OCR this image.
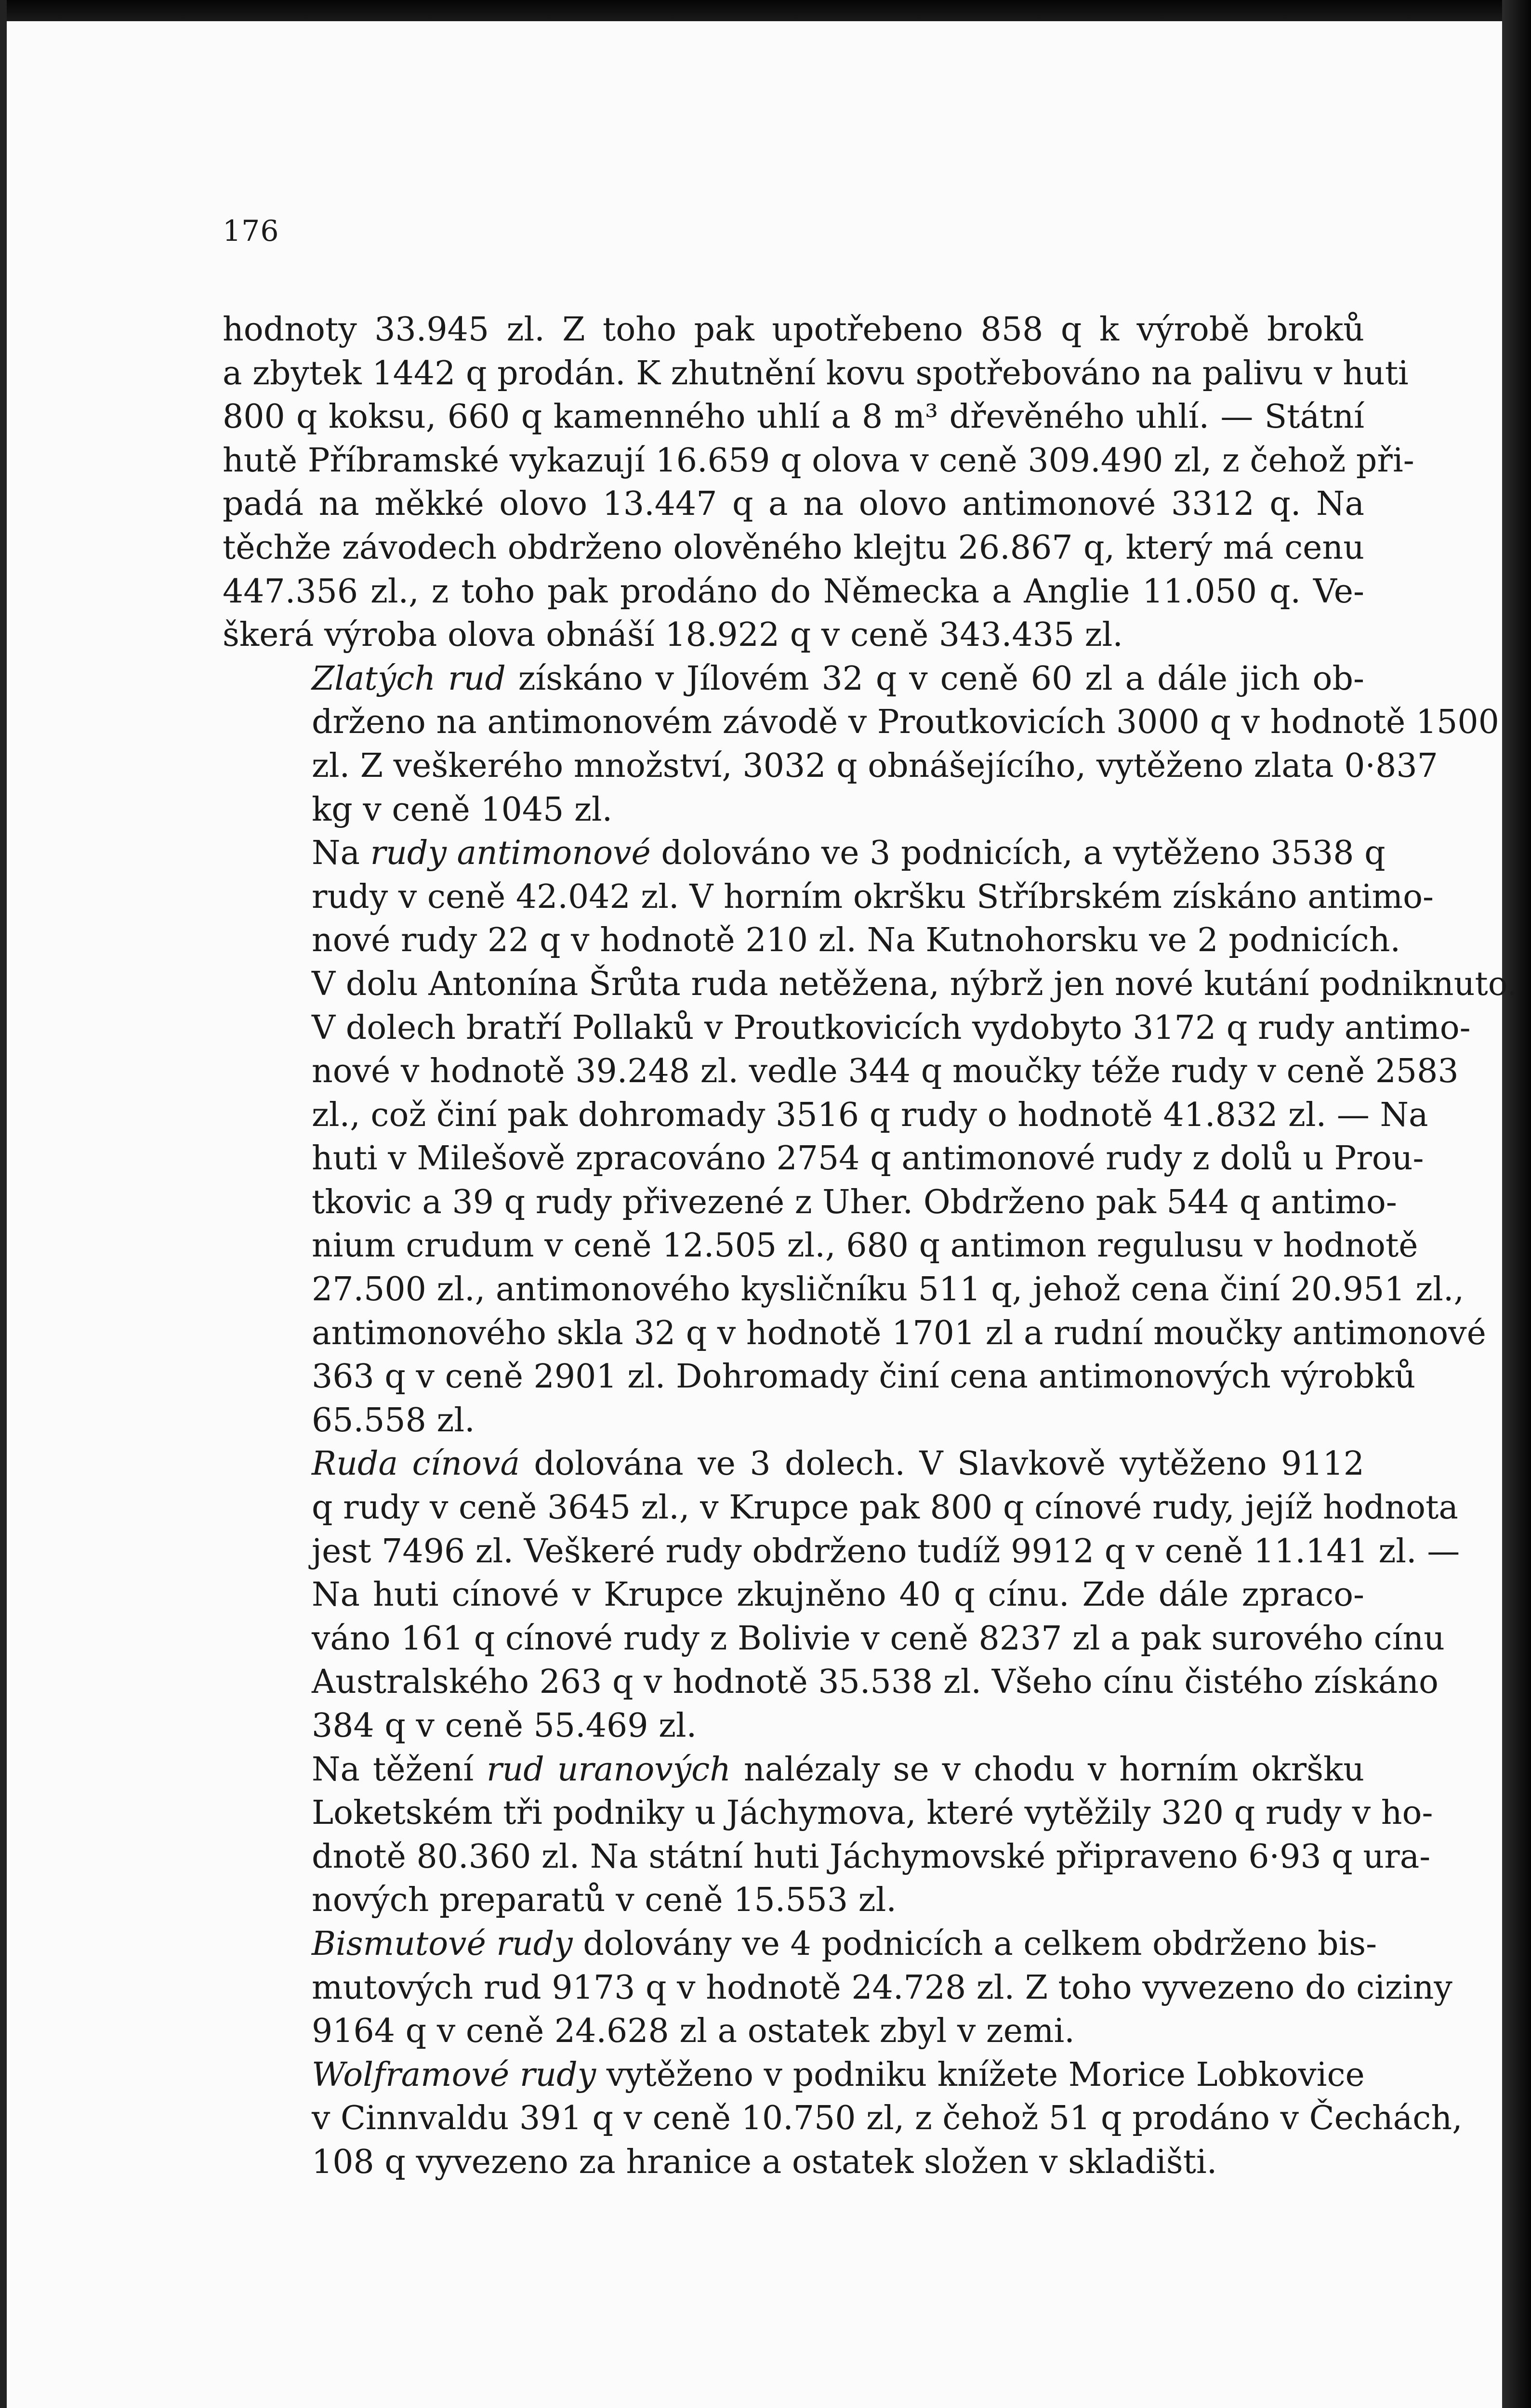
176
hodnoty 33.945 zl. Z toho pak upotřebeno 858 q k výrobě broků
a zbytek 1442 q prodán. K zhutnění kovu spotřebováno na palivu v huti
800 q koksu, 660 q kamenného uhlí a 8 m³ dřevěného uhlí. — Státní
hutě Příbramské vykazují 16.659 q olova v ceně 309.490 zl, z čehož při-
padá na měkké olovo 13.447 q a na olovo antimonové 3312 q. Na
těchže závodech obdrženo olověného klejtu 26.867 q, který má cenu
447.356 zl., z toho pak prodáno do Německa a Anglie 11.050 q. Ve-
škerá výroba olova obnáší 18.922 q v ceně 343.435 zl.
Zlatých rud získáno v Jílovém 32 q v ceně 60 zl a dále jich ob-
drženo na antimonovém závodě v Proutkovicích 3000 q v hodnotě 1500
zl. Z veškerého množství, 3032 q obnášejícího, vytěženo zlata 0·837
kg v ceně 1045 zl.
Na rudy antimonové dolováno ve 3 podnicích, a vytěženo 3538 q
rudy v ceně 42.042 zl. V horním okršku Stříbrském získáno antimo-
nové rudy 22 q v hodnotě 210 zl. Na Kutnohorsku ve 2 podnicích.
V dolu Antonína Šrůta ruda netěžena, nýbrž jen nové kutání podniknuto.
V dolech bratří Pollaků v Proutkovicích vydobyto 3172 q rudy antimo-
nové v hodnotě 39.248 zl. vedle 344 q moučky téže rudy v ceně 2583
zl., což činí pak dohromady 3516 q rudy o hodnotě 41.832 zl. — Na
huti v Milešově zpracováno 2754 q antimonové rudy z dolů u Prou-
tkovic a 39 q rudy přivezené z Uher. Obdrženo pak 544 q antimo-
nium crudum v ceně 12.505 zl., 680 q antimon regulusu v hodnotě
27.500 zl., antimonového kysličníku 511 q, jehož cena činí 20.951 zl.,
antimonového skla 32 q v hodnotě 1701 zl a rudní moučky antimonové
363 q v ceně 2901 zl. Dohromady činí cena antimonových výrobků
65.558 zl.
Ruda cínová dolována ve 3 dolech. V Slavkově vytěženo 9112
q rudy v ceně 3645 zl., v Krupce pak 800 q cínové rudy, jejíž hodnota
jest 7496 zl. Veškeré rudy obdrženo tudíž 9912 q v ceně 11.141 zl. —
Na huti cínové v Krupce zkujněno 40 q cínu. Zde dále zpraco-
váno 161 q cínové rudy z Bolivie v ceně 8237 zl a pak surového cínu
Australského 263 q v hodnotě 35.538 zl. Všeho cínu čistého získáno
384 q v ceně 55.469 zl.
Na těžení rud uranových nalézaly se v chodu v horním okršku
Loketském tři podniky u Jáchymova, které vytěžily 320 q rudy v ho-
dnotě 80.360 zl. Na státní huti Jáchymovské připraveno 6·93 q ura-
nových preparatů v ceně 15.553 zl.
Bismutové rudy dolovány ve 4 podnicích a celkem obdrženo bis-
mutových rud 9173 q v hodnotě 24.728 zl. Z toho vyvezeno do ciziny
9164 q v ceně 24.628 zl a ostatek zbyl v zemi.
Wolframové rudy vytěženo v podniku knížete Morice Lobkovice
v Cinnvaldu 391 q v ceně 10.750 zl, z čehož 51 q prodáno v Čechách,
108 q vyvezeno za hranice a ostatek složen v skladišti.
